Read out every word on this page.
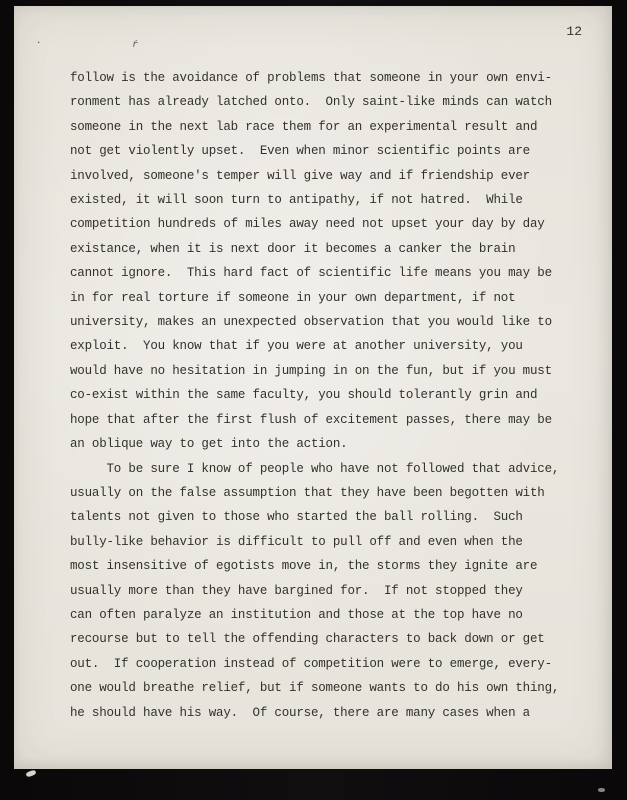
12
·	ŕ
follow is the avoidance of problems that someone in your own envi-
ronment has already latched onto.  Only saint-like minds can watch
someone in the next lab race them for an experimental result and
not get violently upset.  Even when minor scientific points are
involved, someone's temper will give way and if friendship ever
existed, it will soon turn to antipathy, if not hatred.  While
competition hundreds of miles away need not upset your day by day
existance, when it is next door it becomes a canker the brain
cannot ignore.  This hard fact of scientific life means you may be
in for real torture if someone in your own department, if not
university, makes an unexpected observation that you would like to
exploit.  You know that if you were at another university, you
would have no hesitation in jumping in on the fun, but if you must
co-exist within the same faculty, you should tolerantly grin and
hope that after the first flush of excitement passes, there may be
an oblique way to get into the action.
To be sure I know of people who have not followed that advice,
usually on the false assumption that they have been begotten with
talents not given to those who started the ball rolling.  Such
bully-like behavior is difficult to pull off and even when the
most insensitive of egotists move in, the storms they ignite are
usually more than they have bargined for.  If not stopped they
can often paralyze an institution and those at the top have no
recourse but to tell the offending characters to back down or get
out.  If cooperation instead of competition were to emerge, every-
one would breathe relief, but if someone wants to do his own thing,
he should have his way.  Of course, there are many cases when a
